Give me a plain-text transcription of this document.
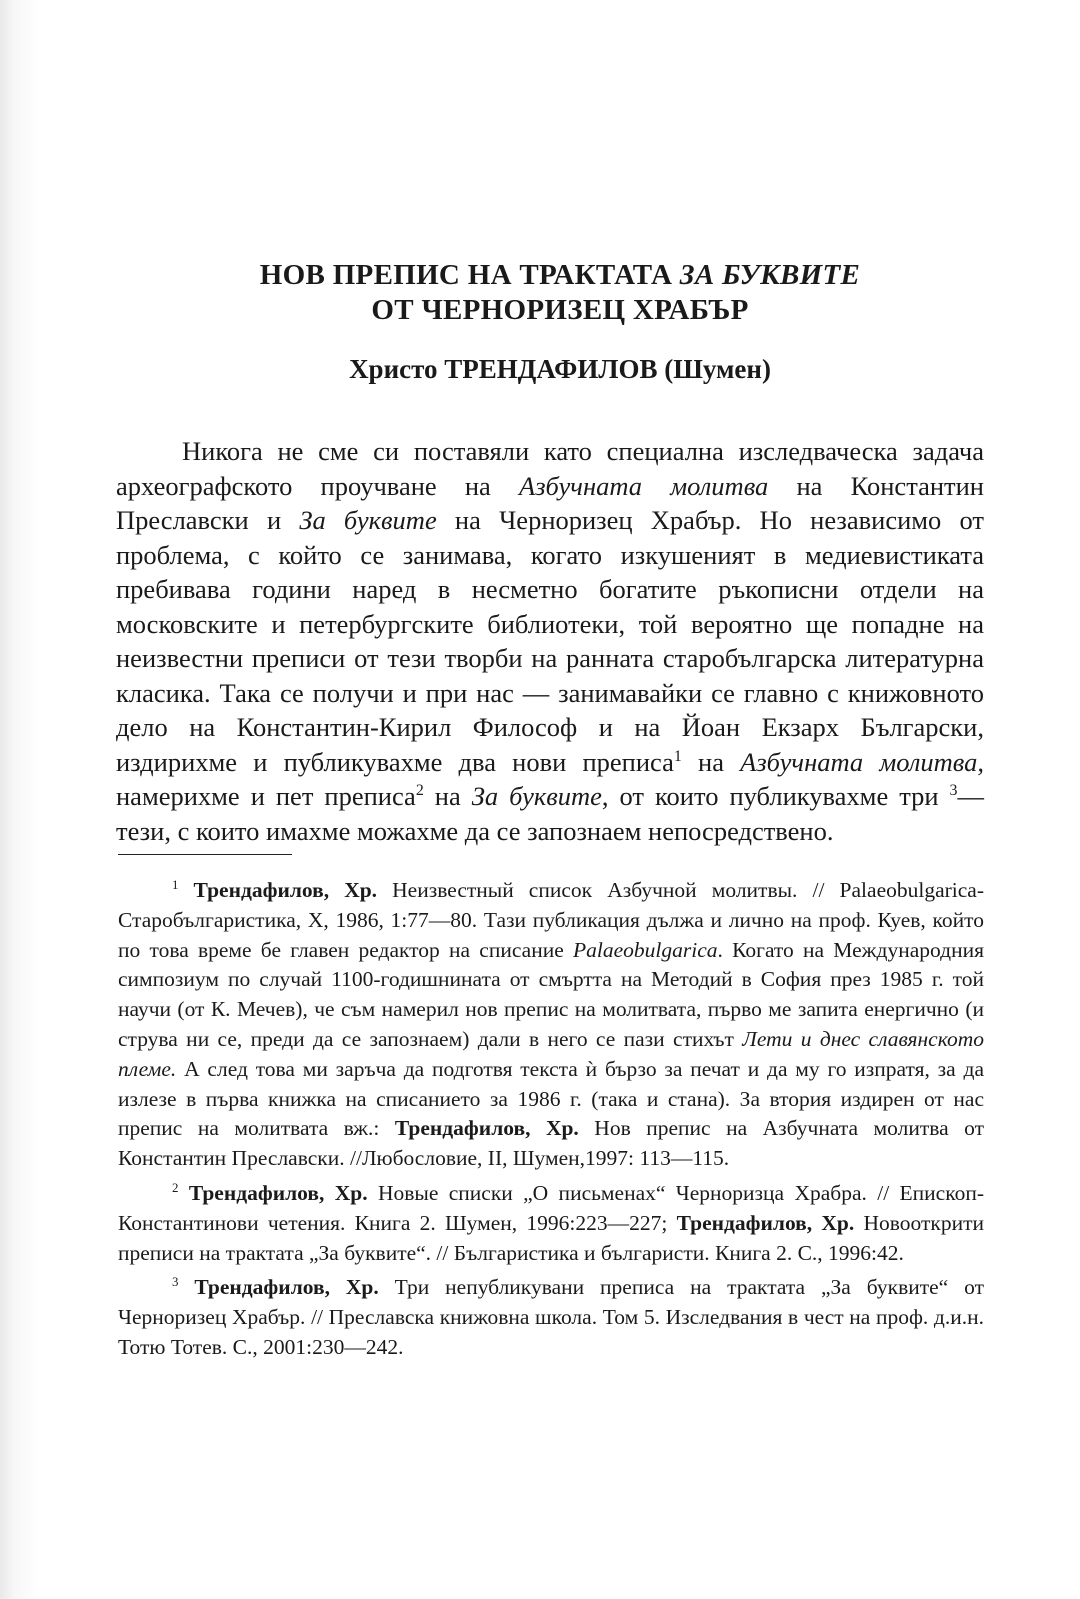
НОВ ПРЕПИС НА ТРАКТАТА ЗА БУКВИТЕ
ОТ ЧЕРНОРИЗЕЦ ХРАБЪР
Христо ТРЕНДАФИЛОВ (Шумен)

Никога не сме си поставяли като специална изследваческа задача археографското проучване на Азбучната молитва на Константин Преславски и За буквите на Черноризец Храбър. Но независимо от проблема, с който се занимава, когато изкушеният в медиевистиката пребивава години наред в несметно богатите ръкописни отдели на московските и петербургските библиотеки, той вероятно ще попадне на неизвестни преписи от тези творби на ранната старобългарска литературна класика. Така се получи и при нас — занимавайки се главно с книжовното дело на Константин-Кирил Философ и на Йоан Екзарх Български, издирихме и публикувахме два нови преписа$^1$ на Азбучната молитва, намерихме и пет преписа$^2$ на За буквите, от които публикувахме три $^3$— тези, с които имахме можахме да се запознаем непосредствено.

$^1$ Трендафилов, Хр. Неизвестный список Азбучной молитвы. // Palaeobulgarica-Старобългаристика, X, 1986, 1:77—80. Тази публикация дължа и лично на проф. Куев, който по това време бе главен редактор на списание Palaeobulgarica. Когато на Международния симпозиум по случай 1100-годишнината от смъртта на Методий в София през 1985 г. той научи (от К. Мечев), че съм намерил нов препис на молитвата, първо ме запита енергично (и струва ни се, преди да се запознаем) дали в него се пази стихът Лети и днес славянското племе. А след това ми заръча да подготвя текста ѝ бързо за печат и да му го изпратя, за да излезе в първа книжка на списанието за 1986 г. (така и стана). За втория издирен от нас препис на молитвата вж.: Трендафилов, Хр. Нов препис на Азбучната молитва от Константин Преславски. //Любословие, II, Шумен,1997: 113—115.

$^2$ Трендафилов, Хр. Новые списки „О письменах“ Черноризца Храбра. // Епископ-Константинови четения. Книга 2. Шумен, 1996:223—227; Трендафилов, Хр. Новооткрити преписи на трактата „За буквите“. // Българистика и българисти. Книга 2. С., 1996:42.

$^3$ Трендафилов, Хр. Три непубликувани преписа на трактата „За буквите“ от Черноризец Храбър. // Преславска книжовна школа. Том 5. Изследвания в чест на проф. д.и.н. Тотю Тотев. С., 2001:230—242.
